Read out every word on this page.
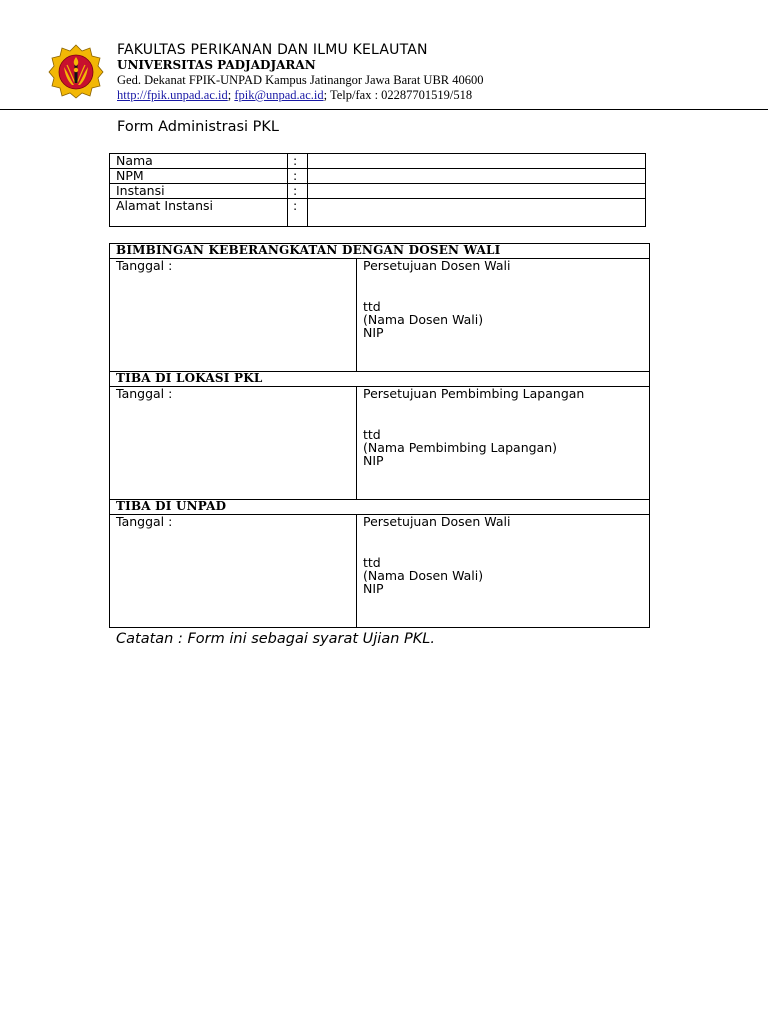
FAKULTAS PERIKANAN DAN ILMU KELAUTAN
UNIVERSITAS PADJADJARAN
Ged. Dekanat FPIK-UNPAD Kampus Jatinangor Jawa Barat UBR 40600
http://fpik.unpad.ac.id; fpik@unpad.ac.id; Telp/fax : 02287701519/518
Form Administrasi PKL
Nama	:	
NPM	:	
Instansi	:	
Alamat Instansi	:	
BIMBINGAN KEBERANGKATAN DENGAN DOSEN WALI	
Tanggal :	Persetujuan Dosen Wali
ttd
(Nama Dosen Wali)
NIP

TIBA DI LOKASI PKL	
Tanggal :	Persetujuan Pembimbing Lapangan
ttd
(Nama Pembimbing Lapangan)
NIP

TIBA DI UNPAD	
Tanggal :	Persetujuan Dosen Wali
ttd
(Nama Dosen Wali)
NIP
Catatan : Form ini sebagai syarat Ujian PKL.
